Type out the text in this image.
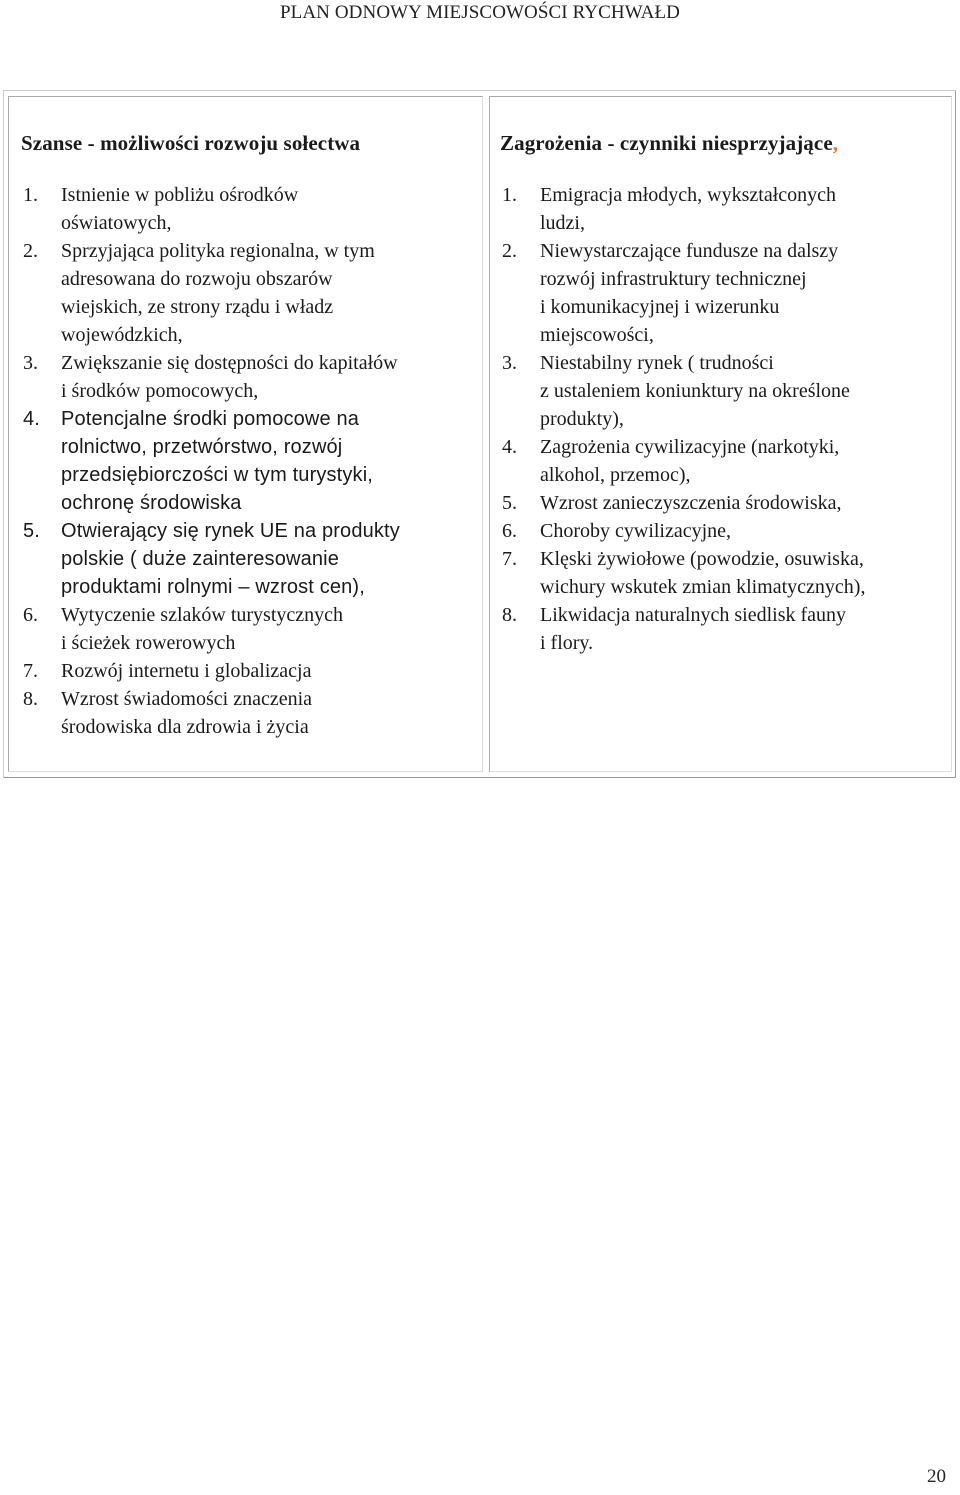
PLAN ODNOWY MIEJSCOWOŚCI RYCHWAŁD
Szanse - możliwości rozwoju sołectwa
1.	Istnienie w pobliżu ośrodków
oświatowych,
2.	Sprzyjająca polityka regionalna, w tym
adresowana do rozwoju obszarów
wiejskich, ze strony rządu i władz
wojewódzkich,
3.	Zwiększanie się dostępności do kapitałów
i środków pomocowych,
4.	Potencjalne środki pomocowe na
rolnictwo, przetwórstwo, rozwój
przedsiębiorczości w tym turystyki,
ochronę środowiska
5.	Otwierający się rynek UE na produkty
polskie ( duże zainteresowanie
produktami rolnymi – wzrost cen),
6.	Wytyczenie szlaków turystycznych
i ścieżek rowerowych
7.	Rozwój internetu i globalizacja
8.	Wzrost świadomości znaczenia
środowiska dla zdrowia i życia
Zagrożenia - czynniki niesprzyjające,
1.	Emigracja młodych, wykształconych
ludzi,
2.	Niewystarczające fundusze na dalszy
rozwój infrastruktury technicznej
i komunikacyjnej i wizerunku
miejscowości,
3.	Niestabilny rynek ( trudności
z ustaleniem koniunktury na określone
produkty),
4.	Zagrożenia cywilizacyjne (narkotyki,
alkohol, przemoc),
5.	Wzrost zanieczyszczenia środowiska,
6.	Choroby cywilizacyjne,
7.	Klęski żywiołowe (powodzie, osuwiska,
wichury wskutek zmian klimatycznych),
8.	Likwidacja naturalnych siedlisk fauny
i flory.
20
